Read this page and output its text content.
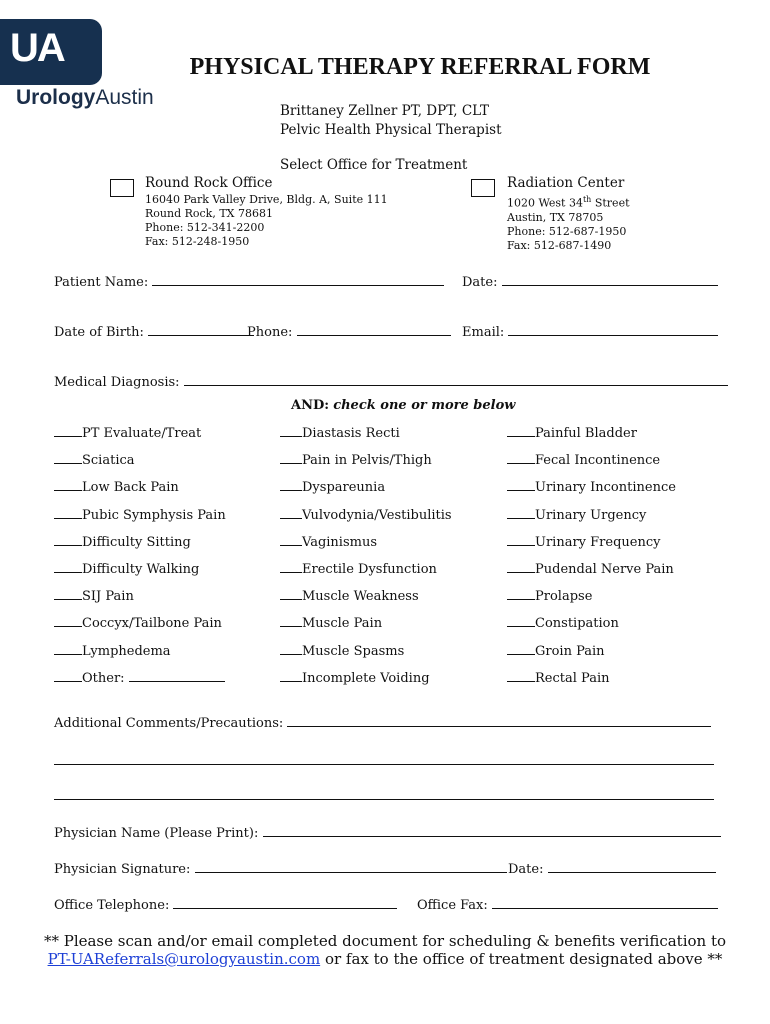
UA
UrologyAustin
PHYSICAL THERAPY REFERRAL FORM
Brittaney Zellner PT, DPT, CLT
Pelvic Health Physical Therapist
Select Office for Treatment
Round Rock Office
16040 Park Valley Drive, Bldg. A, Suite 111
Round Rock, TX 78681
Phone: 512-341-2200
Fax: 512-248-1950
Radiation Center
1020 West 34th Street
Austin, TX 78705
Phone: 512-687-1950
Fax: 512-687-1490
Patient Name:	Date:
Date of Birth:	Phone:	Email:
Medical Diagnosis:
AND: check one or more below
PT Evaluate/Treat
Sciatica
Low Back Pain
Pubic Symphysis Pain
Difficulty Sitting
Difficulty Walking
SIJ Pain
Coccyx/Tailbone Pain
Lymphedema
Other:
Diastasis Recti
Pain in Pelvis/Thigh
Dyspareunia
Vulvodynia/Vestibulitis
Vaginismus
Erectile Dysfunction
Muscle Weakness
Muscle Pain
Muscle Spasms
Incomplete Voiding
Painful Bladder
Fecal Incontinence
Urinary Incontinence
Urinary Urgency
Urinary Frequency
Pudendal Nerve Pain
Prolapse
Constipation
Groin Pain
Rectal Pain
Additional Comments/Precautions:
Physician Name (Please Print):
Physician Signature:	Date:
Office Telephone:	Office Fax:
** Please scan and/or email completed document for scheduling & benefits verification to
PT-UAReferrals@urologyaustin.com or fax to the office of treatment designated above **
